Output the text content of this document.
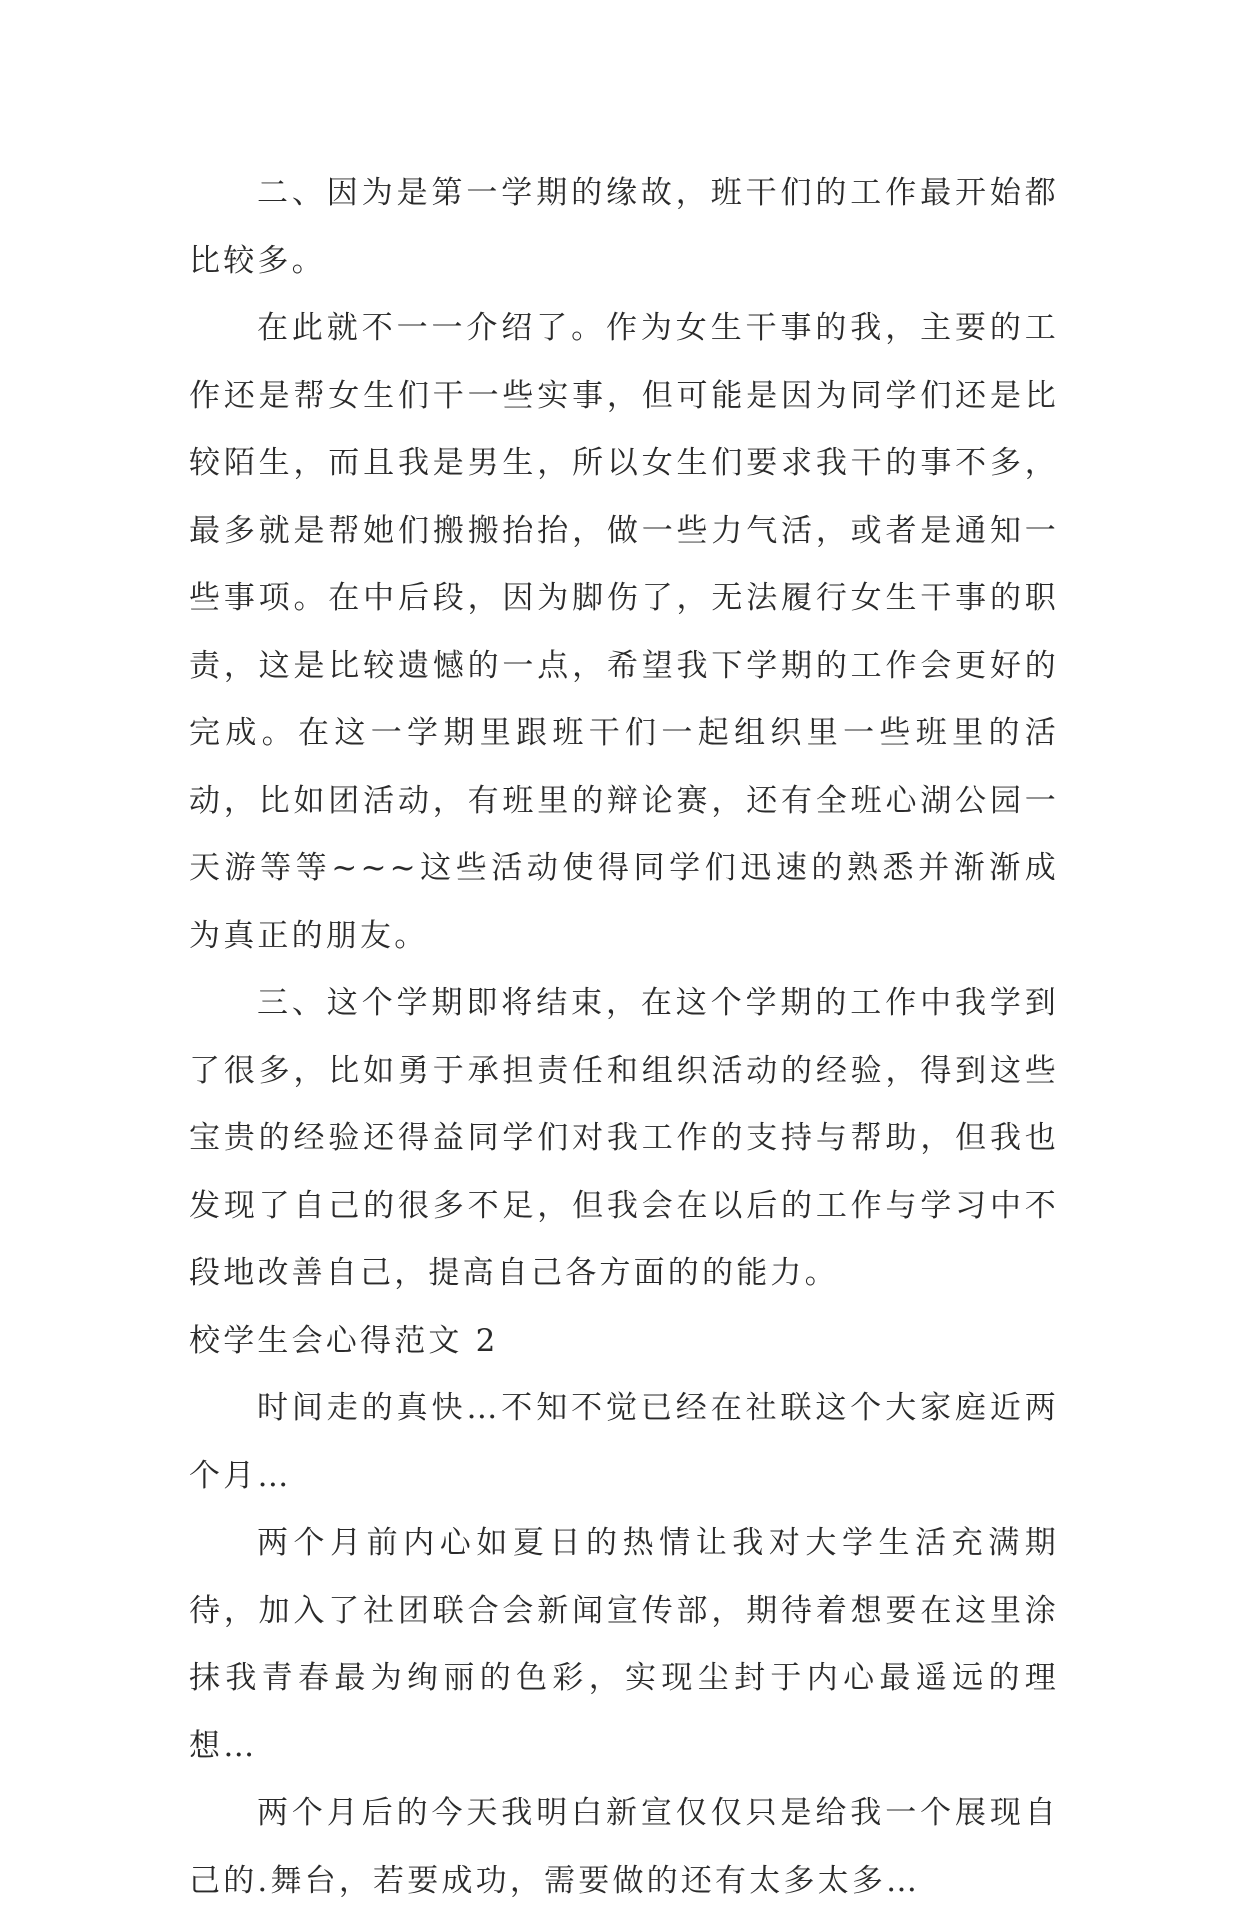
二、因为是第一学期的缘故，班干们的工作最开始都比较多。

在此就不一一介绍了。作为女生干事的我，主要的工作还是帮女生们干一些实事，但可能是因为同学们还是比较陌生，而且我是男生，所以女生们要求我干的事不多，最多就是帮她们搬搬抬抬，做一些力气活，或者是通知一些事项。在中后段，因为脚伤了，无法履行女生干事的职责，这是比较遗憾的一点，希望我下学期的工作会更好的完成。在这一学期里跟班干们一起组织里一些班里的活动，比如团活动，有班里的辩论赛，还有全班心湖公园一天游等等~~~这些活动使得同学们迅速的熟悉并渐渐成为真正的朋友。

三、这个学期即将结束，在这个学期的工作中我学到了很多，比如勇于承担责任和组织活动的经验，得到这些宝贵的经验还得益同学们对我工作的支持与帮助，但我也发现了自己的很多不足，但我会在以后的工作与学习中不段地改善自己，提高自己各方面的的能力。

校学生会心得范文 2

时间走的真快…不知不觉已经在社联这个大家庭近两个月…

两个月前内心如夏日的热情让我对大学生活充满期待，加入了社团联合会新闻宣传部，期待着想要在这里涂抹我青春最为绚丽的色彩，实现尘封于内心最遥远的理想…

两个月后的今天我明白新宣仅仅只是给我一个展现自己的.舞台，若要成功，需要做的还有太多太多…
